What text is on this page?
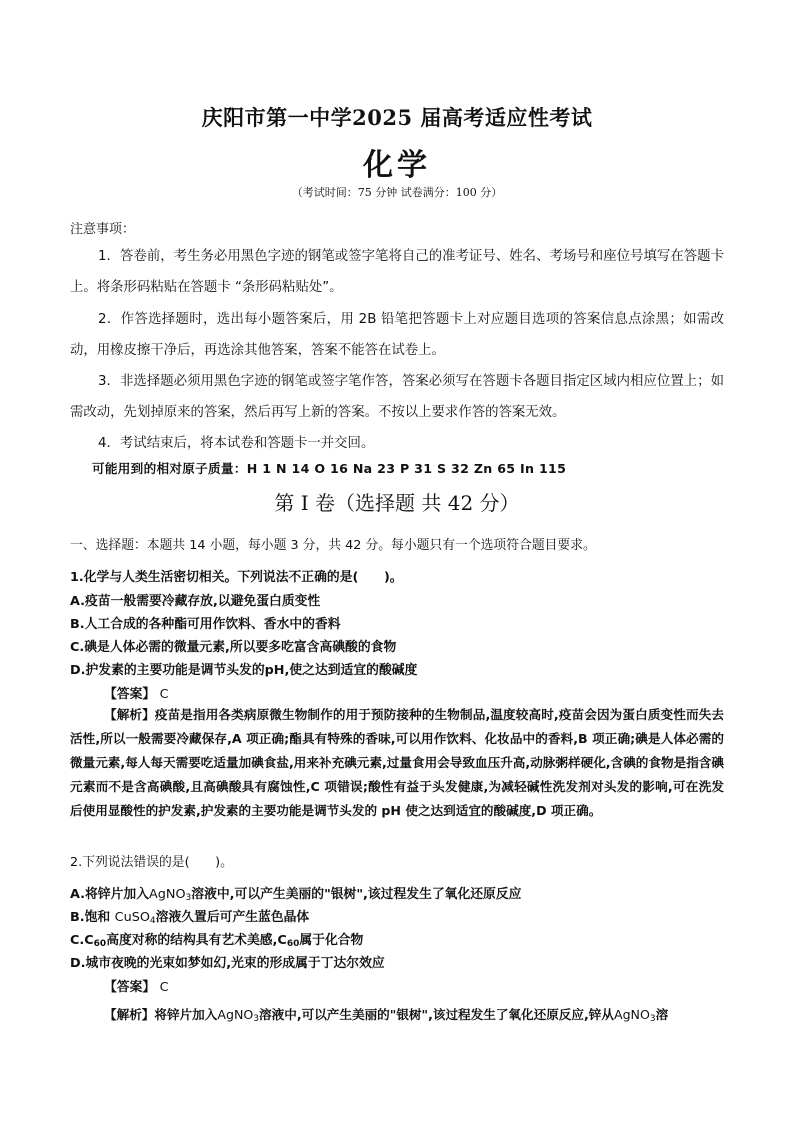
庆阳市第一中学2025 届高考适应性考试
化学
（考试时间：75 分钟 试卷满分：100 分）
注意事项：
1．答卷前，考生务必用黑色字迹的钢笔或签字笔将自己的准考证号、姓名、考场号和座位号填写在答题卡上。将条形码粘贴在答题卡 “条形码粘贴处”。
2．作答选择题时，选出每小题答案后，用 2B 铅笔把答题卡上对应题目选项的答案信息点涂黑；如需改动，用橡皮擦干净后，再选涂其他答案，答案不能答在试卷上。
3．非选择题必须用黑色字迹的钢笔或签字笔作答，答案必须写在答题卡各题目指定区域内相应位置上；如需改动，先划掉原来的答案，然后再写上新的答案。不按以上要求作答的答案无效。
4．考试结束后，将本试卷和答题卡一并交回。
可能用到的相对原子质量：H 1 N 14 O 16 Na 23 P 31 S 32 Zn 65 In 115
第 I 卷（选择题 共 42 分）
一、选择题：本题共 14 小题，每小题 3 分，共 42 分。每小题只有一个选项符合题目要求。
1.化学与人类生活密切相关。下列说法不正确的是(　　)。
A.疫苗一般需要冷藏存放,以避免蛋白质变性
B.人工合成的各种酯可用作饮料、香水中的香料
C.碘是人体必需的微量元素,所以要多吃富含高碘酸的食物
D.护发素的主要功能是调节头发的pH,使之达到适宜的酸碱度
【答案】 C
【解析】疫苗是指用各类病原微生物制作的用于预防接种的生物制品,温度较高时,疫苗会因为蛋白质变性而失去活性,所以一般需要冷藏保存,A 项正确;酯具有特殊的香味,可以用作饮料、化妆品中的香料,B 项正确;碘是人体必需的微量元素,每人每天需要吃适量加碘食盐,用来补充碘元素,过量食用会导致血压升高,动脉粥样硬化,含碘的食物是指含碘元素而不是含高碘酸,且高碘酸具有腐蚀性,C 项错误;酸性有益于头发健康,为减轻碱性洗发剂对头发的影响,可在洗发后使用显酸性的护发素,护发素的主要功能是调节头发的 pH 使之达到适宜的酸碱度,D 项正确。
2.下列说法错误的是(　　)。
A.将锌片加入AgNO$_3$溶液中,可以产生美丽的"银树",该过程发生了氧化还原反应
B.饱和 CuSO$_4$溶液久置后可产生蓝色晶体
$C.C_{60}$高度对称的结构具有艺术美感$,C_{60}$属于化合物
D.城市夜晚的光束如梦如幻,光束的形成属于丁达尔效应
【答案】 C
【解析】将锌片加入AgNO$_3$溶液中,可以产生美丽的"银树",该过程发生了氧化还原反应,锌从AgNO$_3$溶
